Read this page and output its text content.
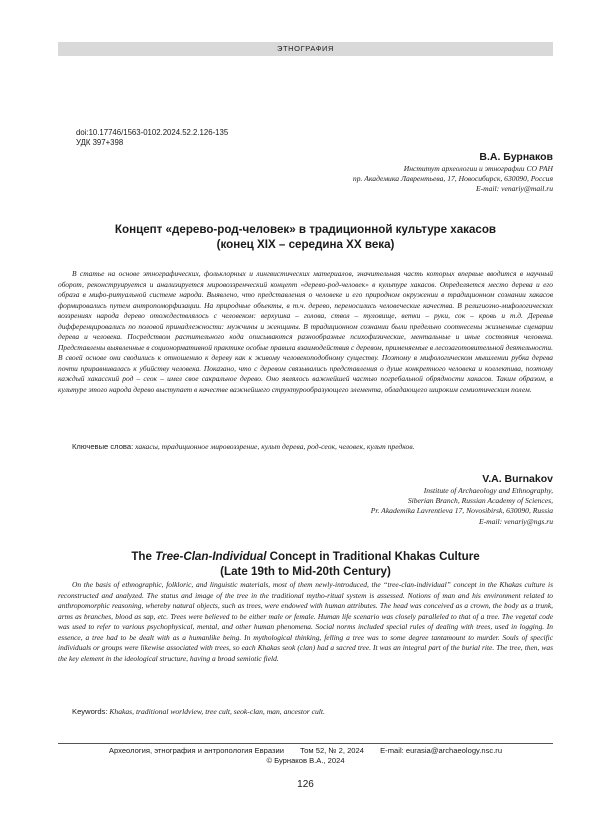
ЭТНОГРАФИЯ
doi:10.17746/1563-0102.2024.52.2.126-135
УДК 397+398
В.А. Бурнаков
Институт археологии и этнографии СО РАН
пр. Академика Лаврентьева, 17, Новосибирск, 630090, Россия
E-mail: venariy@mail.ru
Концепт «дерево-род-человек» в традиционной культуре хакасов
(конец XIX – середина XX века)

В статье на основе этнографических, фольклорных и лингвистических материалов, значительная часть которых впервые вводится в научный оборот, реконструируется и анализируется мировоззренческий концепт «дерево-род-человек» в культуре хакасов. Определяется место дерева и его образа в мифо-ритуальной системе народа. Выявлено, что представления о человеке и его природном окружении в традиционном сознании хакасов формировались путем антропоморфизации. На природные объекты, в т.ч. дерево, переносились человеческие качества. В религиозно-мифологических воззрениях народа дерево отождествлялось с человеком: верхушка – голова, ствол – туловище, ветки – руки, сок – кровь и т.д. Деревья дифференцировались по половой принадлежности: мужчины и женщины. В традиционном сознании были предельно соотнесены жизненные сценарии дерева и человека. Посредством растительного кода описываются разнообразные психофизические, ментальные и иные состояния человека. Представлены выявленные в соционормативной практике особые правила взаимодействия с деревом, применяемые в лесозаготовительной деятельности. В своей основе они сводились к отношению к дереву как к живому человекоподобному существу. Поэтому в мифологическом мышлении рубка дерева почти приравнивалась к убийству человека. Показано, что с деревом связывались представления о душе конкретного человека и коллектива, поэтому каждый хакасский род – сеок – имел свое сакральное дерево. Оно являлось важнейшей частью погребальной обрядности хакасов. Таким образом, в культуре этого народа дерево выступает в качестве важнейшего структурообразующего элемента, обладающего широким семиотическим полем.

Ключевые слова: хакасы, традиционное мировоззрение, культ дерева, род-сеок, человек, культ предков.
V.A. Burnakov
Institute of Archaeology and Ethnography,
Siberian Branch, Russian Academy of Sciences,
Pr. Akademika Lavrentieva 17, Novosibirsk, 630090, Russia
E-mail: venariy@ngs.ru
The Tree-Clan-Individual Concept in Traditional Khakas Culture
(Late 19th to Mid-20th Century)

On the basis of ethnographic, folkloric, and linguistic materials, most of them newly-introduced, the “tree-clan-individual” concept in the Khakas culture is reconstructed and analyzed. The status and image of the tree in the traditional mytho-ritual system is assessed. Notions of man and his environment related to anthropomorphic reasoning, whereby natural objects, such as trees, were endowed with human attributes. The head was conceived as a crown, the body as a trunk, arms as branches, blood as sap, etc. Trees were believed to be either male or female. Human life scenario was closely paralleled to that of a tree. The vegetal code was used to refer to various psychophysical, mental, and other human phenomena. Social norms included special rules of dealing with trees, used in logging. In essence, a tree had to be dealt with as a humanlike being. In mythological thinking, felling a tree was to some degree tantamount to murder. Souls of specific individuals or groups were likewise associated with trees, so each Khakas seok (clan) had a sacred tree. It was an integral part of the burial rite. The tree, then, was the key element in the ideological structure, having a broad semiotic field.

Keywords: Khakas, traditional worldview, tree cult, seok-clan, man, ancestor cult.
Археология, этнография и антропология Евразии Том 52, № 2, 2024 E-mail: eurasia@archaeology.nsc.ru
© Бурнаков В.А., 2024
126
